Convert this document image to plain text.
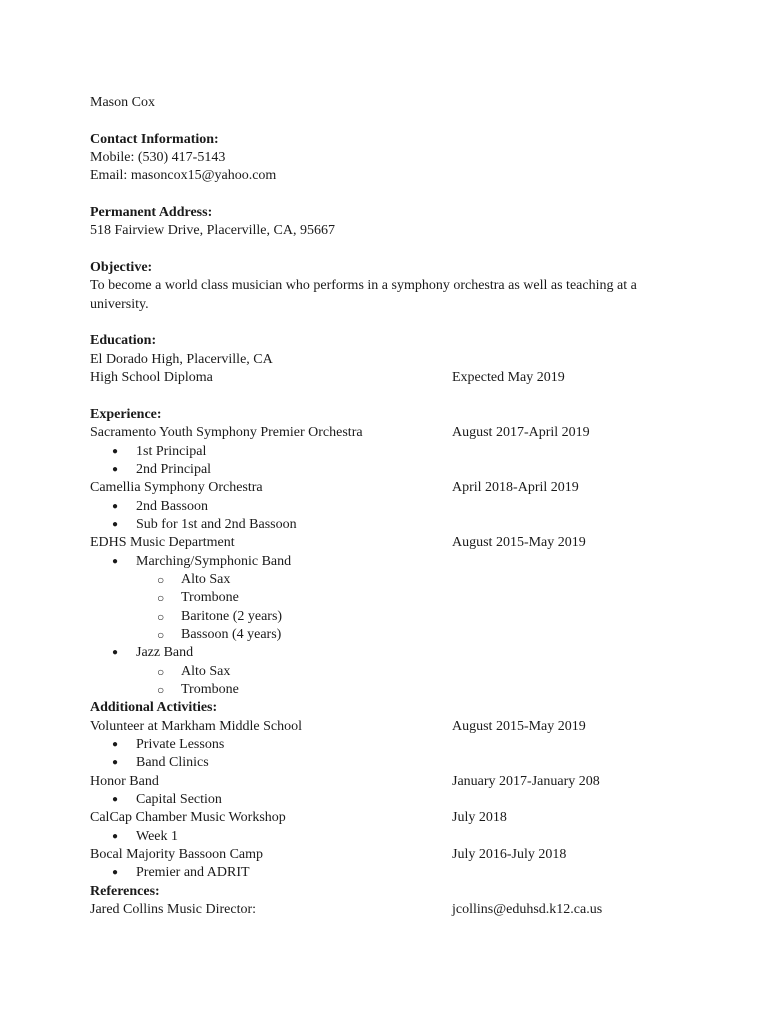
Mason Cox
Contact Information:
Mobile: (530) 417-5143
Email: masoncox15@yahoo.com
Permanent Address:
518 Fairview Drive, Placerville, CA, 95667
Objective:
To become a world class musician who performs in a symphony orchestra as well as teaching at a university.
Education:
El Dorado High, Placerville, CA
High School Diploma	Expected May 2019
Experience:
Sacramento Youth Symphony Premier Orchestra	August 2017-April 2019
● 1st Principal
● 2nd Principal
Camellia Symphony Orchestra	April 2018-April 2019
● 2nd Bassoon
● Sub for 1st and 2nd Bassoon
EDHS Music Department	August 2015-May 2019
● Marching/Symphonic Band
○ Alto Sax
○ Trombone
○ Baritone (2 years)
○ Bassoon (4 years)
● Jazz Band
○ Alto Sax
○ Trombone
Additional Activities:
Volunteer at Markham Middle School	August 2015-May 2019
● Private Lessons
● Band Clinics
Honor Band	January 2017-January 208
● Capital Section
CalCap Chamber Music Workshop	July 2018
● Week 1
Bocal Majority Bassoon Camp	July 2016-July 2018
● Premier and ADRIT
References:
Jared Collins Music Director:	jcollins@eduhsd.k12.ca.us
